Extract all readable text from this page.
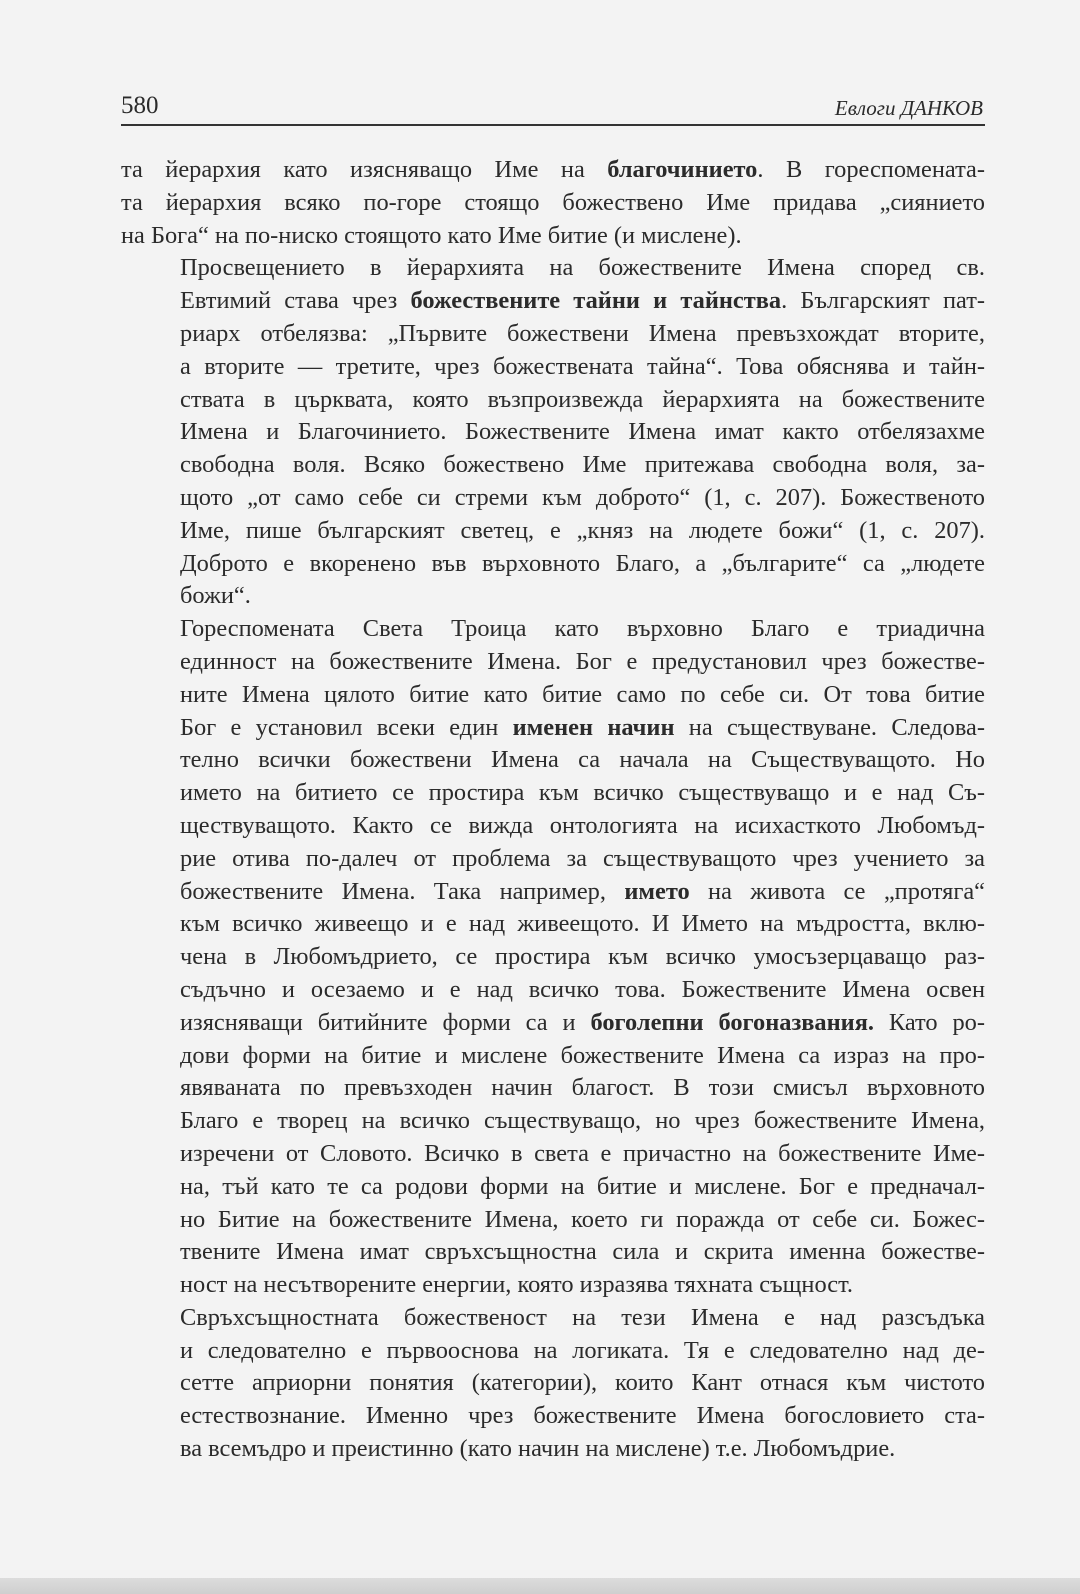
580	Евлоги ДАНКОВ

та йерархия като изясняващо Име на благочинието. В гореспомената-
та йерархия всяко по-горе стоящо божествено Име придава „сиянието
на Бога“ на по-ниско стоящото като Име битие (и мислене).

Просвещението в йерархията на божествените Имена според св.
Евтимий става чрез божествените тайни и тайнства. Българският пат-
риарх отбелязва: „Първите божествени Имена превъзхождат вторите,
а вторите — третите, чрез божествената тайна“. Това обяснява и тайн-
ствата в църквата, която възпроизвежда йерархията на божествените
Имена и Благочинието. Божествените Имена имат както отбелязахме
свободна воля. Всяко божествено Име притежава свободна воля, за-
щото „от само себе си стреми към доброто“ (1, с. 207). Божественото
Име, пише българският светец, е „княз на людете божи“ (1, с. 207).
Доброто е вкоренено във върховното Благо, а „българите“ са „людете
божи“.

Гореспомената Света Троица като върховно Благо е триадична
единност на божествените Имена. Бог е предустановил чрез божестве-
ните Имена цялото битие като битие само по себе си. От това битие
Бог е установил всеки един именен начин на съществуване. Следова-
телно всички божествени Имена са начала на Съществуващото. Но
името на битието се простира към всичко съществуващо и е над Съ-
ществуващото. Както се вижда онтологията на исихасткото Любомъд-
рие отива по-далеч от проблема за съществуващото чрез учението за
божествените Имена. Така например, името на живота се „протяга“
към всичко живеещо и е над живеещото. И Името на мъдростта, вклю-
чена в Любомъдрието, се простира към всичко умосъзерцаващо раз-
съдъчно и осезаемо и е над всичко това. Божествените Имена освен
изясняващи битийните форми са и боголепни богоназвания. Като ро-
дови форми на битие и мислене божествените Имена са израз на про-
явяваната по превъзходен начин благост. В този смисъл върховното
Благо е творец на всичко съществуващо, но чрез божествените Имена,
изречени от Словото. Всичко в света е причастно на божествените Име-
на, тъй като те са родови форми на битие и мислене. Бог е предначал-
но Битие на божествените Имена, което ги поражда от себе си. Божес-
твените Имена имат свръхсъщностна сила и скрита именна божестве-
ност на несътворените енергии, която изразява тяхната същност.

Свръхсъщностната божественост на тези Имена е над разсъдъка
и следователно е първооснова на логиката. Тя е следователно над де-
сетте априорни понятия (категории), които Кант отнася към чистото
естествознание. Именно чрез божествените Имена богословието ста-
ва всемъдро и преистинно (като начин на мислене) т.е. Любомъдрие.
